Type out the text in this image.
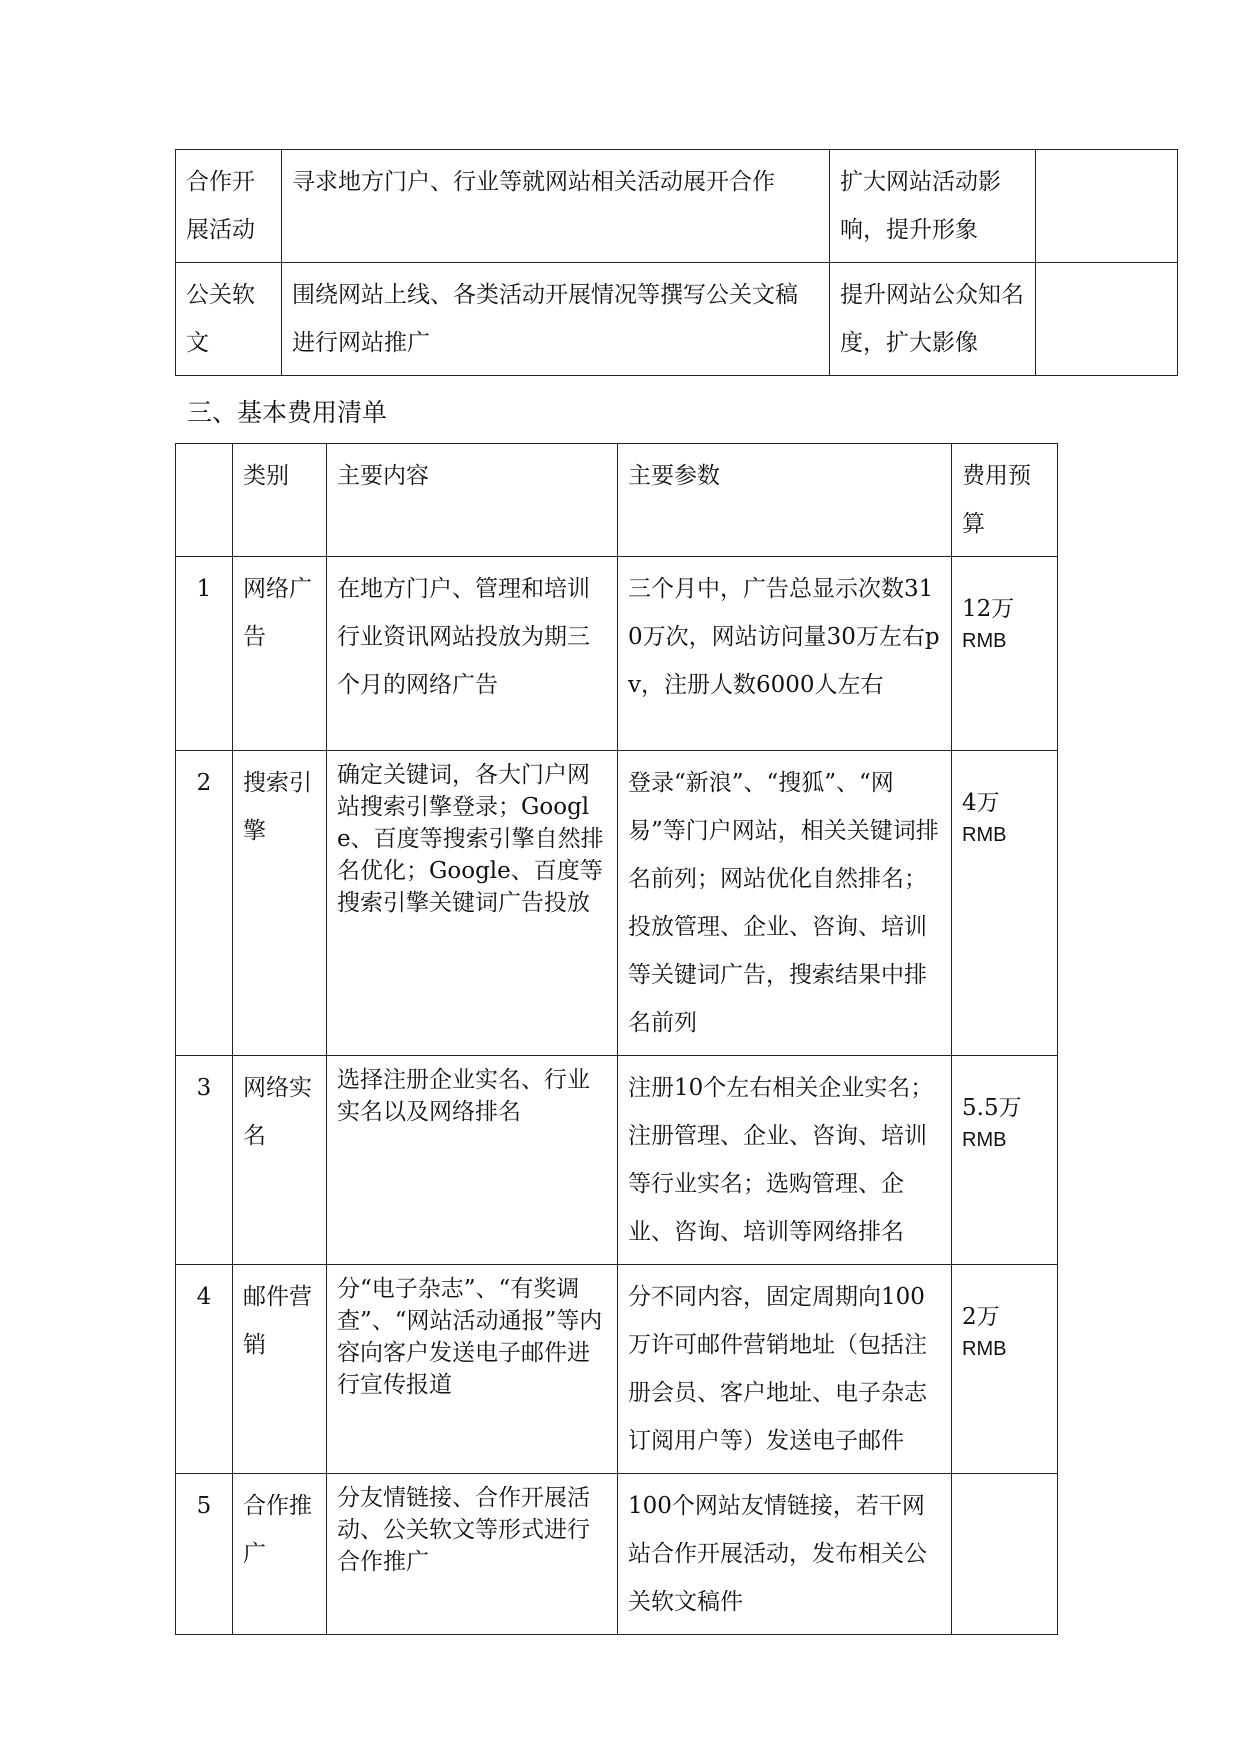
合作开展活动	寻求地方门户、行业等就网站相关活动展开合作	扩大网站活动影响，提升形象	

公关软文	围绕网站上线、各类活动开展情况等撰写公关文稿进行网站推广	提升网站公众知名度，扩大影像	

三、基本费用清单

	类别	主要内容	主要参数	费用预算

1	网络广告	在地方门户、管理和培训行业资讯网站投放为期三个月的网络广告	三个月中，广告总显示次数310万次，网站访问量30万左右pv，注册人数6000人左右	12万
RMB

2	搜索引擎	确定关键词，各大门户网站搜索引擎登录；Google、百度等搜索引擎自然排名优化；Google、百度等搜索引擎关键词广告投放	登录“新浪”、“搜狐”、“网易”等门户网站，相关关键词排名前列；网站优化自然排名；投放管理、企业、咨询、培训等关键词广告，搜索结果中排名前列	4万
RMB

3	网络实名	选择注册企业实名、行业实名以及网络排名	注册10个左右相关企业实名；注册管理、企业、咨询、培训等行业实名；选购管理、企业、咨询、培训等网络排名	5.5万
RMB

4	邮件营销	分“电子杂志”、“有奖调查”、“网站活动通报”等内容向客户发送电子邮件进行宣传报道	分不同内容，固定周期向100万许可邮件营销地址（包括注册会员、客户地址、电子杂志订阅用户等）发送电子邮件	2万
RMB

5	合作推广	分友情链接、合作开展活动、公关软文等形式进行合作推广	100个网站友情链接，若干网站合作开展活动，发布相关公关软文稿件	
